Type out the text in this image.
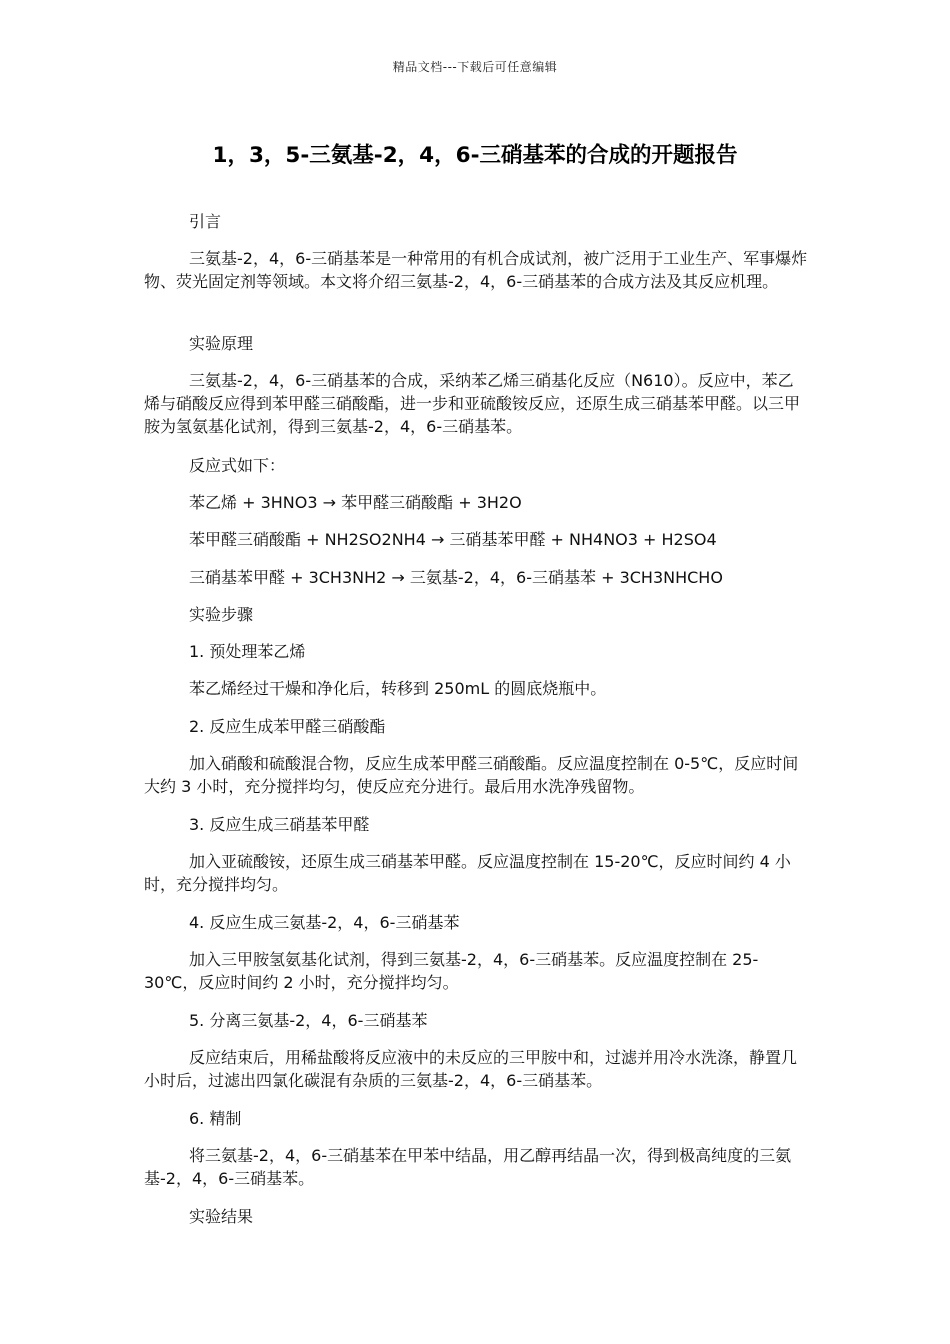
精品文档---下载后可任意编辑
1，3，5-三氨基-2，4，6-三硝基苯的合成的开题报告

引言

三氨基-2，4，6-三硝基苯是一种常用的有机合成试剂，被广泛用于工业生产、军事爆炸物、荧光固定剂等领域。本文将介绍三氨基-2，4，6-三硝基苯的合成方法及其反应机理。

实验原理

三氨基-2，4，6-三硝基苯的合成，采纳苯乙烯三硝基化反应（N610）。反应中，苯乙烯与硝酸反应得到苯甲醛三硝酸酯，进一步和亚硫酸铵反应，还原生成三硝基苯甲醛。以三甲胺为氢氨基化试剂，得到三氨基-2，4，6-三硝基苯。

反应式如下：

苯乙烯 + 3HNO3 → 苯甲醛三硝酸酯 + 3H2O

苯甲醛三硝酸酯 + NH2SO2NH4 → 三硝基苯甲醛 + NH4NO3 + H2SO4

三硝基苯甲醛 + 3CH3NH2 → 三氨基-2，4，6-三硝基苯 + 3CH3NHCHO

实验步骤

1. 预处理苯乙烯

苯乙烯经过干燥和净化后，转移到 250mL 的圆底烧瓶中。

2. 反应生成苯甲醛三硝酸酯

加入硝酸和硫酸混合物，反应生成苯甲醛三硝酸酯。反应温度控制在 0-5℃，反应时间大约 3 小时，充分搅拌均匀，使反应充分进行。最后用水洗净残留物。

3. 反应生成三硝基苯甲醛

加入亚硫酸铵，还原生成三硝基苯甲醛。反应温度控制在 15-20℃，反应时间约 4 小时，充分搅拌均匀。

4. 反应生成三氨基-2，4，6-三硝基苯

加入三甲胺氢氨基化试剂，得到三氨基-2，4，6-三硝基苯。反应温度控制在 25-30℃，反应时间约 2 小时，充分搅拌均匀。

5. 分离三氨基-2，4，6-三硝基苯

反应结束后，用稀盐酸将反应液中的未反应的三甲胺中和，过滤并用冷水洗涤，静置几小时后，过滤出四氯化碳混有杂质的三氨基-2，4，6-三硝基苯。

6. 精制

将三氨基-2，4，6-三硝基苯在甲苯中结晶，用乙醇再结晶一次，得到极高纯度的三氨基-2，4，6-三硝基苯。

实验结果
